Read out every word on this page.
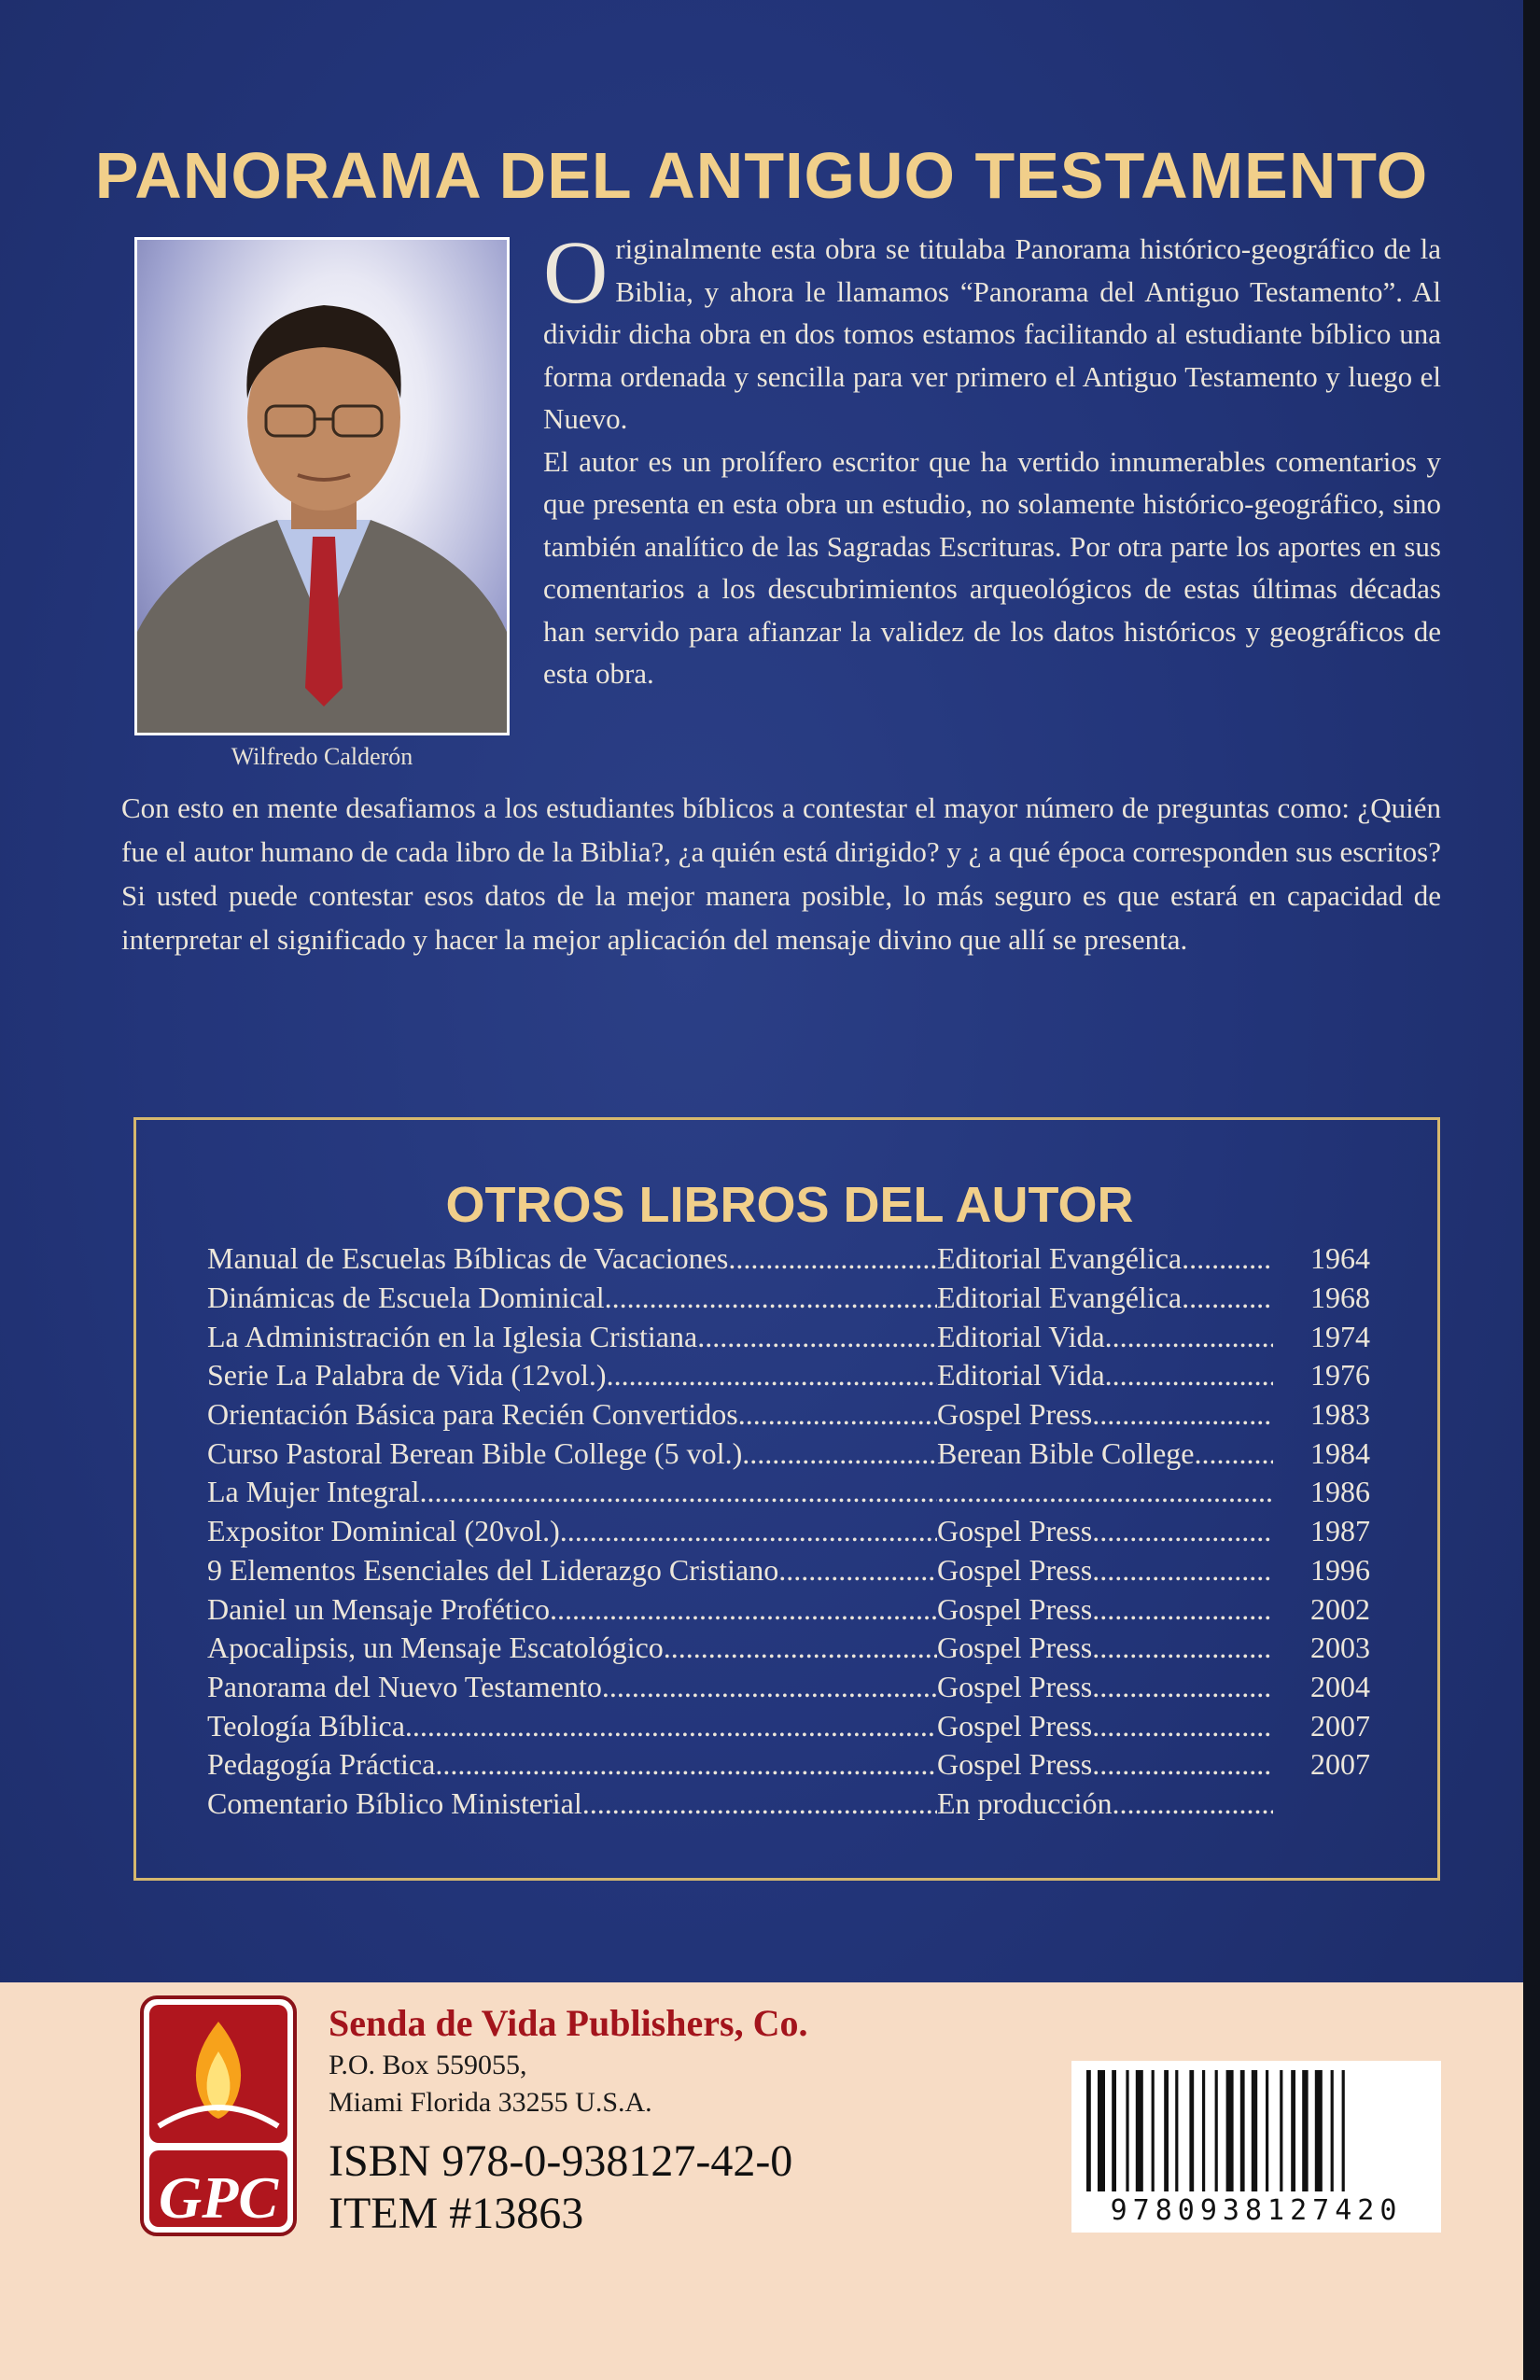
PANORAMA DEL ANTIGUO TESTAMENTO
Wilfredo Calderón
O riginalmente esta obra se titulaba Panorama histórico-geográfico de la Biblia, y ahora le llamamos “Panorama del Antiguo Testamento”. Al dividir dicha obra en dos tomos estamos facilitando al estudiante bíblico una forma ordenada y sencilla para ver primero el Antiguo Testamento y luego el Nuevo.

El autor es un prolífero escritor que ha vertido innumerables comentarios y que presenta en esta obra un estudio, no solamente histórico-geográfico, sino también analítico de las Sagradas Escrituras. Por otra parte los aportes en sus comentarios a los descubrimientos arqueológicos de estas últimas décadas han servido para afianzar la validez de los datos históricos y geográficos de esta obra.

Con esto en mente desafiamos a los estudiantes bíblicos a contestar el mayor número de preguntas como: ¿Quién fue el autor humano de cada libro de la Biblia?, ¿a quién está dirigido? y ¿ a qué época corresponden sus escritos? Si usted puede contestar esos datos de la mejor manera posible, lo más seguro es que estará en capacidad de interpretar el significado y hacer la mejor aplicación del mensaje divino que allí se presenta.

OTROS LIBROS DEL AUTOR
Manual de Escuelas Bíblicas de Vacaciones .....	Editorial Evangélica .....	1964
Dinámicas de Escuela Dominical .....	Editorial Evangélica .....	1968
La Administración en la Iglesia Cristiana .....	Editorial Vida .....	1974
Serie La Palabra de Vida (12vol.) .....	Editorial Vida .....	1976
Orientación Básica para Recién Convertidos .....	Gospel Press .....	1983
Curso Pastoral Berean Bible College (5 vol.) .....	Berean Bible College .....	1984
La Mujer Integral ..... .....	1986
Expositor Dominical (20vol.) .....	Gospel Press .....	1987
9 Elementos Esenciales del Liderazgo Cristiano .....	Gospel Press .....	1996
Daniel un Mensaje Profético .....	Gospel Press .....	2002
Apocalipsis, un Mensaje Escatológico .....	Gospel Press .....	2003
Panorama del Nuevo Testamento .....	Gospel Press .....	2004
Teología Bíblica .....	Gospel Press .....	2007
Pedagogía Práctica .....	Gospel Press .....	2007
Comentario Bíblico Ministerial .....	En producción. .....
GPC

Senda de Vida Publishers, Co.

P.O. Box 559055,
Miami Florida 33255 U.S.A.
ISBN 978-0-938127-42-0
ITEM #13863	9780938127420
